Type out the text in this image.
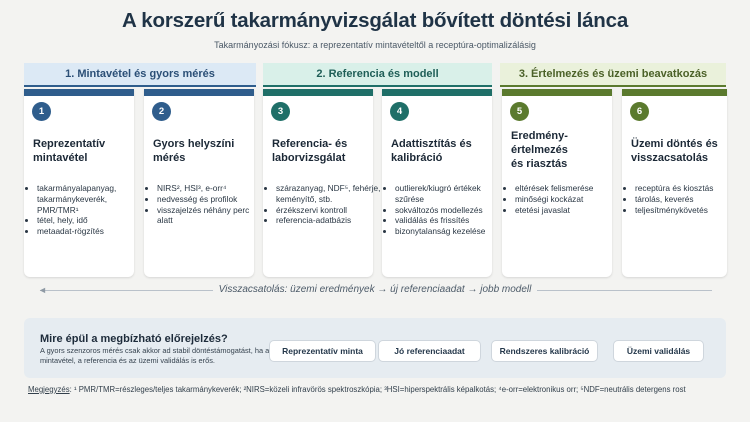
A korszerű takarmányvizsgálat bővített döntési lánca
Takarmányozási fókusz: a reprezentatív mintavételtől a receptúra-optimalizálásig
1. Mintavétel és gyors mérés	2. Referencia és modell	3. Értelmezés és üzemi beavatkozás
1
Reprezentatív mintavétel
• takarmányalapanyag, takarmánykeverék, PMR/TMR¹
• tétel, hely, idő
• metaadat-rögzítés
2
Gyors helyszíni mérés
• NIRS², HSI³, e-orr⁴
• nedvesség és profilok
• visszajelzés néhány perc alatt
3
Referencia- és laborvizsgálat
• szárazanyag, NDF⁵, fehérje, keményítő, stb.
• érzékszervi kontroll
• referencia-adatbázis
4
Adattisztítás és kalibráció
• outlierek/kiugró értékek szűrése
• sokváltozós modellezés
• validálás és frissítés
• bizonytalanság kezelése
5
Eredmény-értelmezés és riasztás
• eltérések felismerése
• minőségi kockázat
• etetési javaslat
6
Üzemi döntés és visszacsatolás
• receptúra és kiosztás
• tárolás, keverés
• teljesítménykövetés
◄	Visszacsatolás: üzemi eredmények → új referenciaadat → jobb modell
Mire épül a megbízható előrejelzés?
A gyors szenzoros mérés csak akkor ad stabil döntéstámogatást, ha a mintavétel, a referencia és az üzemi validálás is erős.
Reprezentatív minta	Jó referenciaadat	Rendszeres kalibráció	Üzemi validálás
Megjegyzés: ¹ PMR/TMR=részleges/teljes takarmánykeverék; ²NIRS=közeli infravörös spektroszkópia; ³HSI=hiperspektrális képalkotás; ⁴e-orr=elektronikus orr; ⁵NDF=neutrális detergens rost
